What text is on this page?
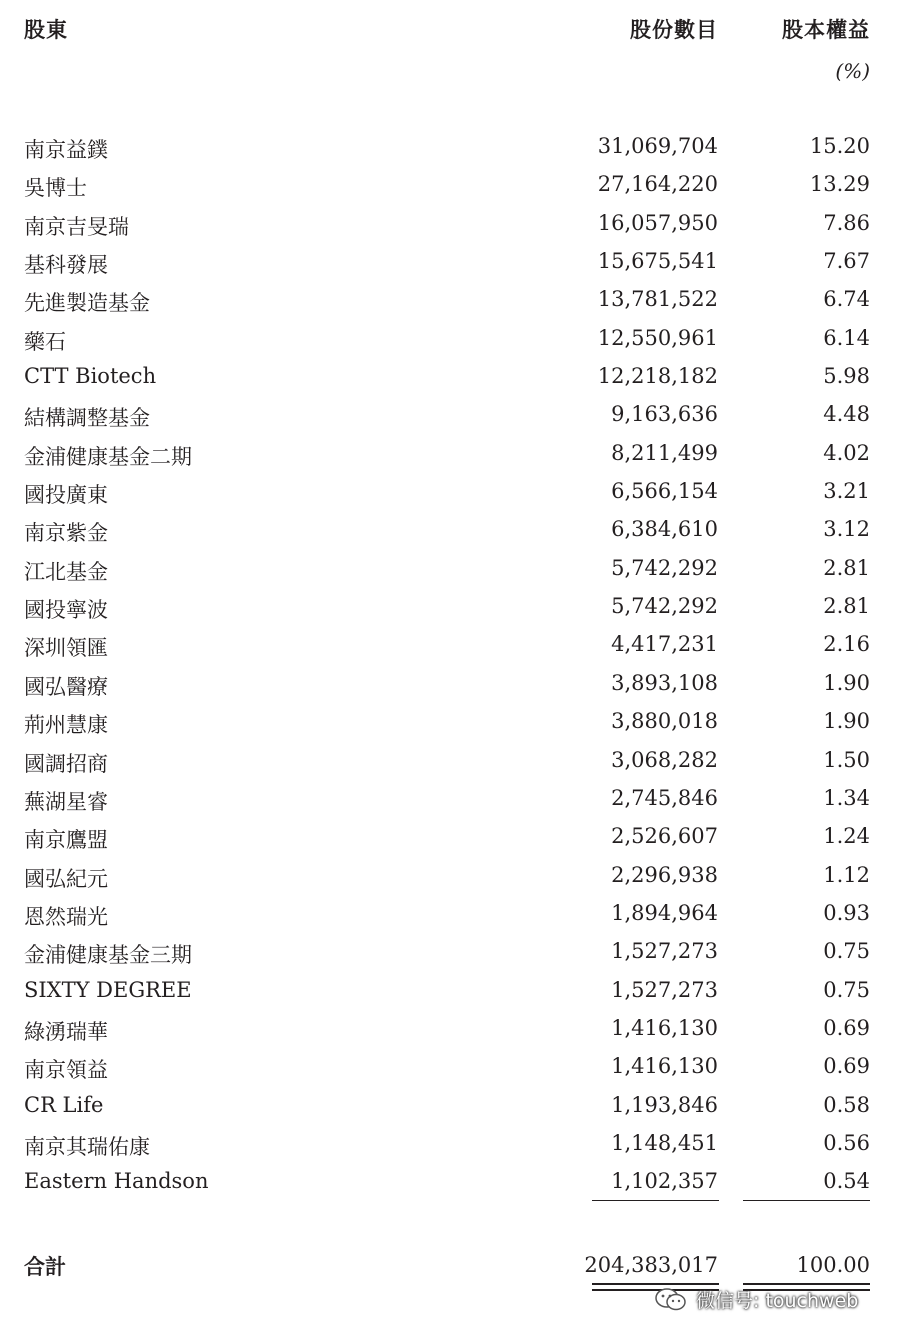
股東	股份數目	股本權益
(%)
南京益鏷	31,069,704	15.20
吳博士	27,164,220	13.29
南京吉旻瑞	16,057,950	7.86
基科發展	15,675,541	7.67
先進製造基金	13,781,522	6.74
藥石	12,550,961	6.14
CTT Biotech	12,218,182	5.98
結構調整基金	9,163,636	4.48
金浦健康基金二期	8,211,499	4.02
國投廣東	6,566,154	3.21
南京紫金	6,384,610	3.12
江北基金	5,742,292	2.81
國投寧波	5,742,292	2.81
深圳領匯	4,417,231	2.16
國弘醫療	3,893,108	1.90
荊州慧康	3,880,018	1.90
國調招商	3,068,282	1.50
蕪湖星睿	2,745,846	1.34
南京鷹盟	2,526,607	1.24
國弘紀元	2,296,938	1.12
恩然瑞光	1,894,964	0.93
金浦健康基金三期	1,527,273	0.75
SIXTY DEGREE	1,527,273	0.75
綠湧瑞華	1,416,130	0.69
南京領益	1,416,130	0.69
CR Life	1,193,846	0.58
南京其瑞佑康	1,148,451	0.56
Eastern Handson	1,102,357	0.54
合計	204,383,017	100.00
微信号: touchweb
